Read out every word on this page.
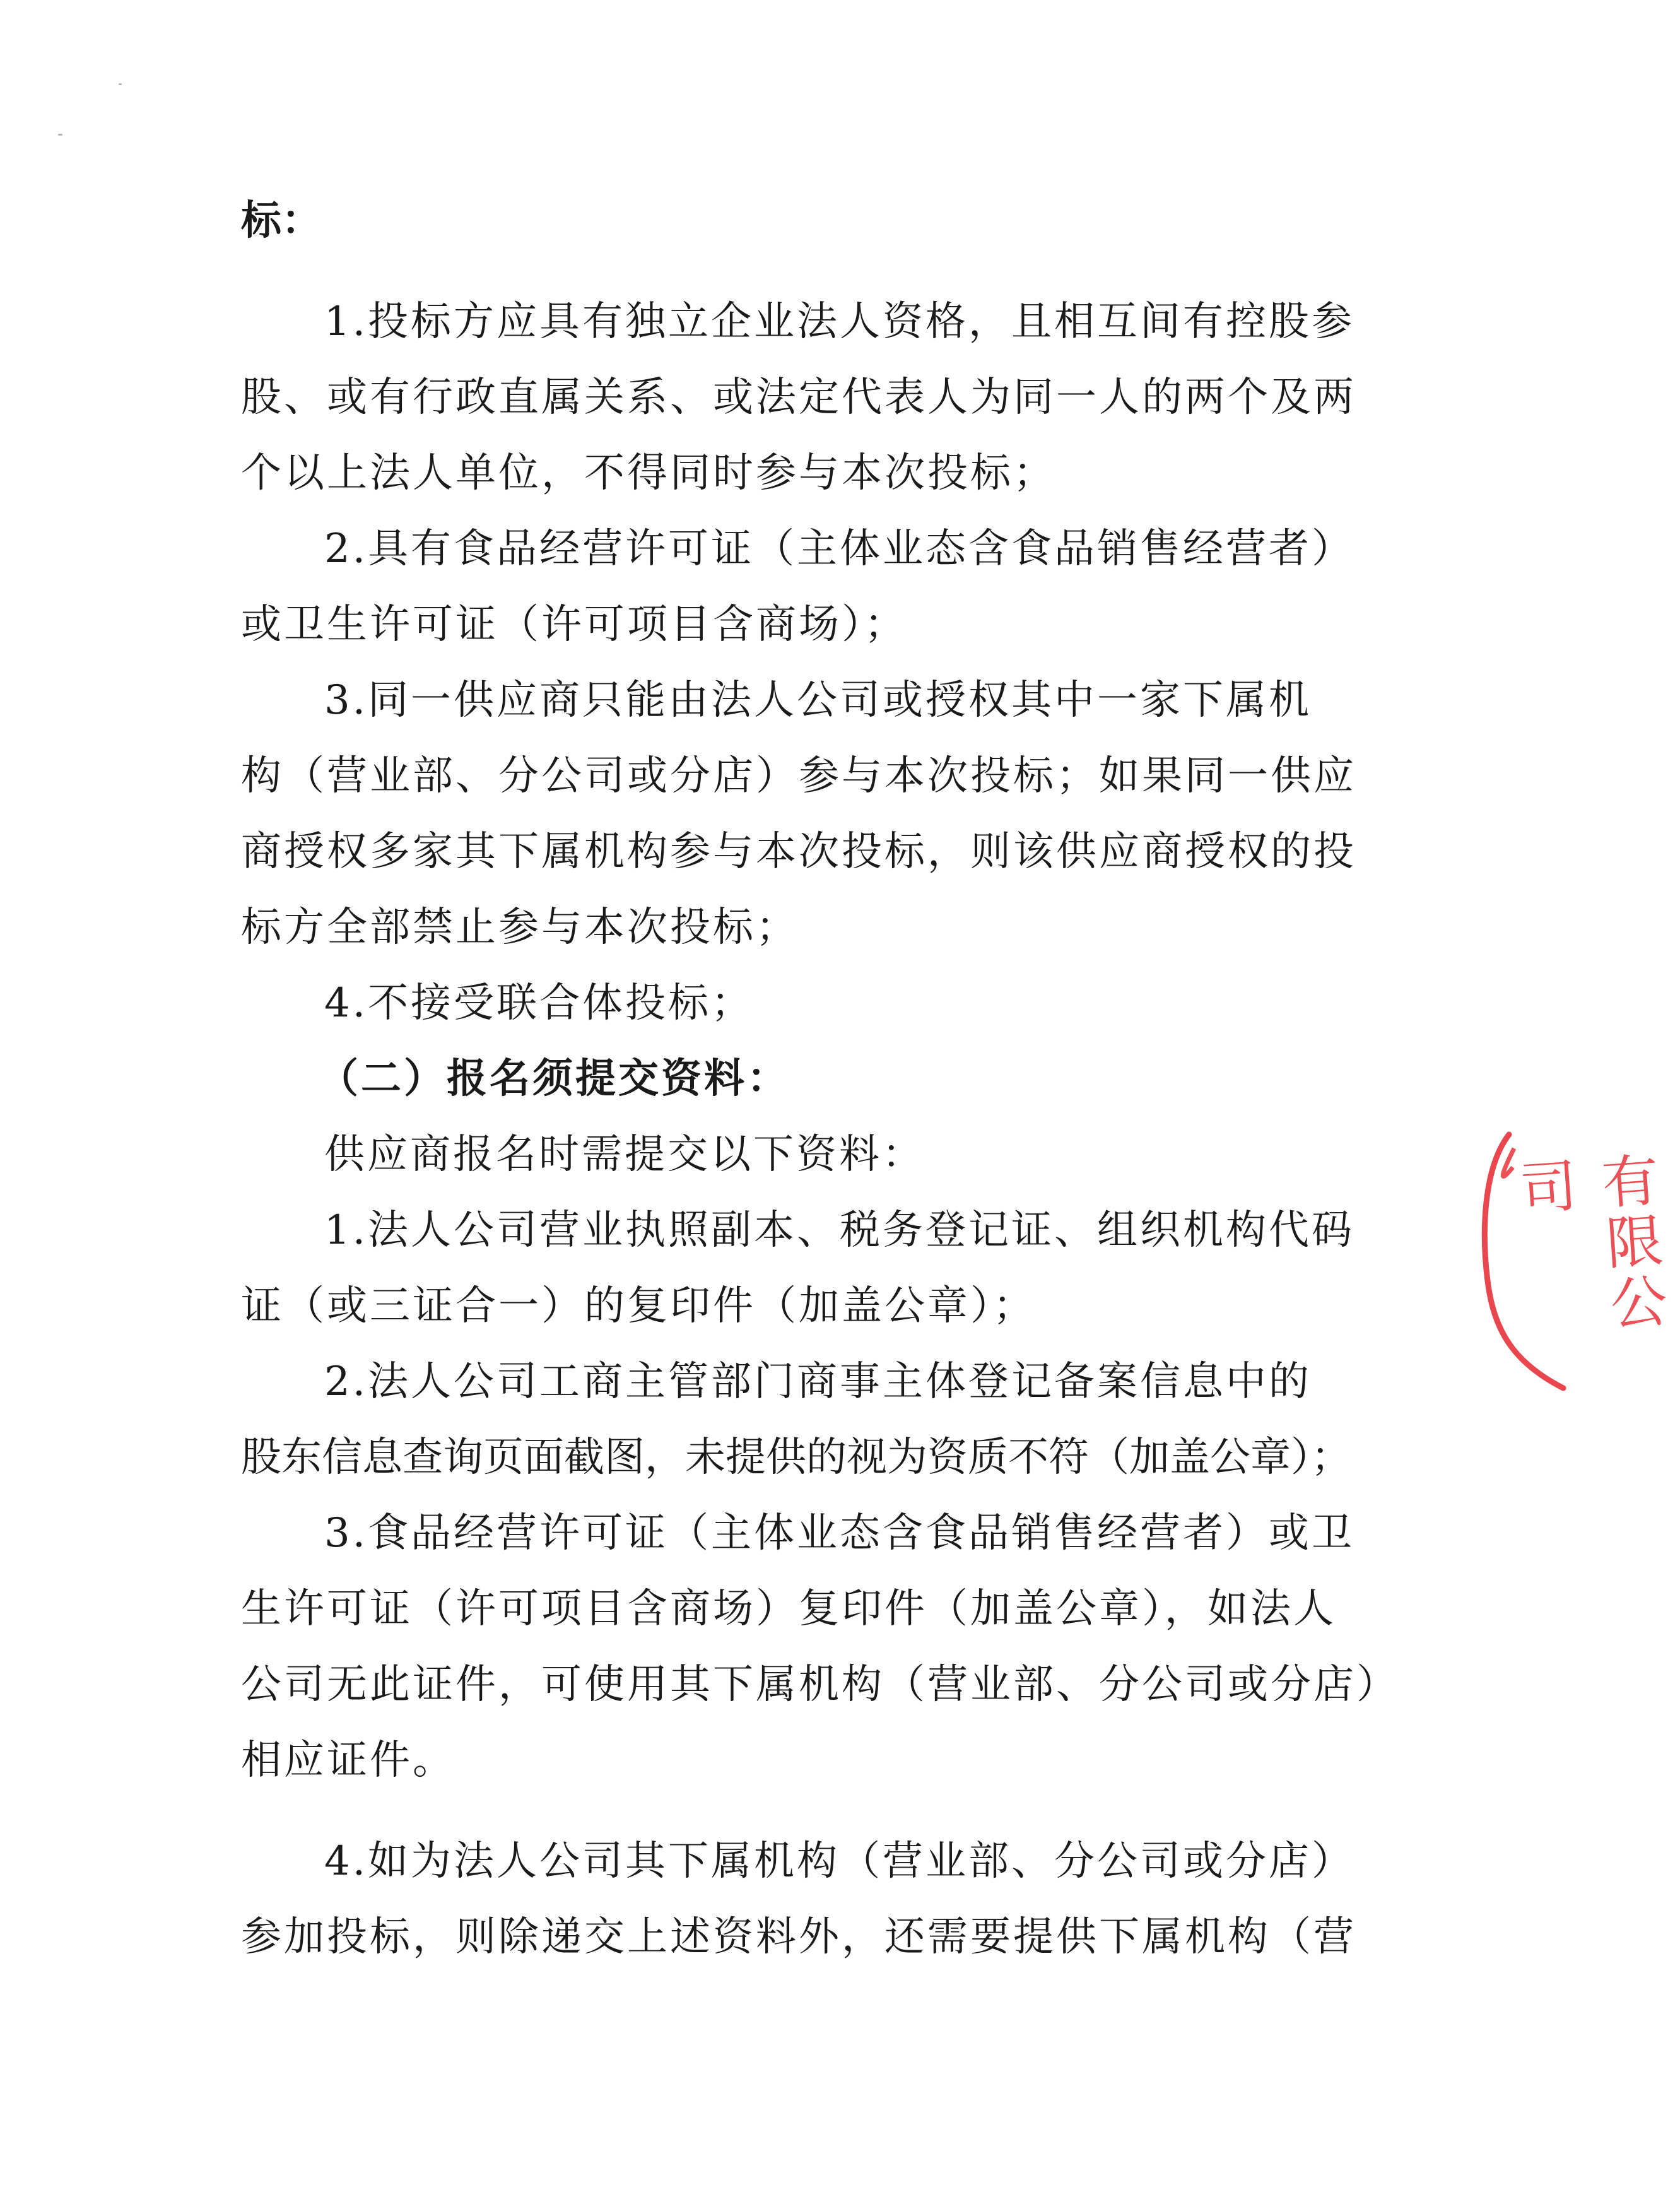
标：
1.投标方应具有独立企业法人资格，且相互间有控股参
股、或有行政直属关系、或法定代表人为同一人的两个及两
个以上法人单位，不得同时参与本次投标；
2.具有食品经营许可证（主体业态含食品销售经营者）
或卫生许可证（许可项目含商场）；
3.同一供应商只能由法人公司或授权其中一家下属机
构（营业部、分公司或分店）参与本次投标；如果同一供应
商授权多家其下属机构参与本次投标，则该供应商授权的投
标方全部禁止参与本次投标；
4.不接受联合体投标；
（二）报名须提交资料：
供应商报名时需提交以下资料：
1.法人公司营业执照副本、税务登记证、组织机构代码
证（或三证合一）的复印件（加盖公章）；
2.法人公司工商主管部门商事主体登记备案信息中的
股东信息查询页面截图，未提供的视为资质不符（加盖公章）；
3.食品经营许可证（主体业态含食品销售经营者）或卫
生许可证（许可项目含商场）复印件（加盖公章），如法人
公司无此证件，可使用其下属机构（营业部、分公司或分店）
相应证件。
4.如为法人公司其下属机构（营业部、分公司或分店）
参加投标，则除递交上述资料外，还需要提供下属机构（营
有限公司
